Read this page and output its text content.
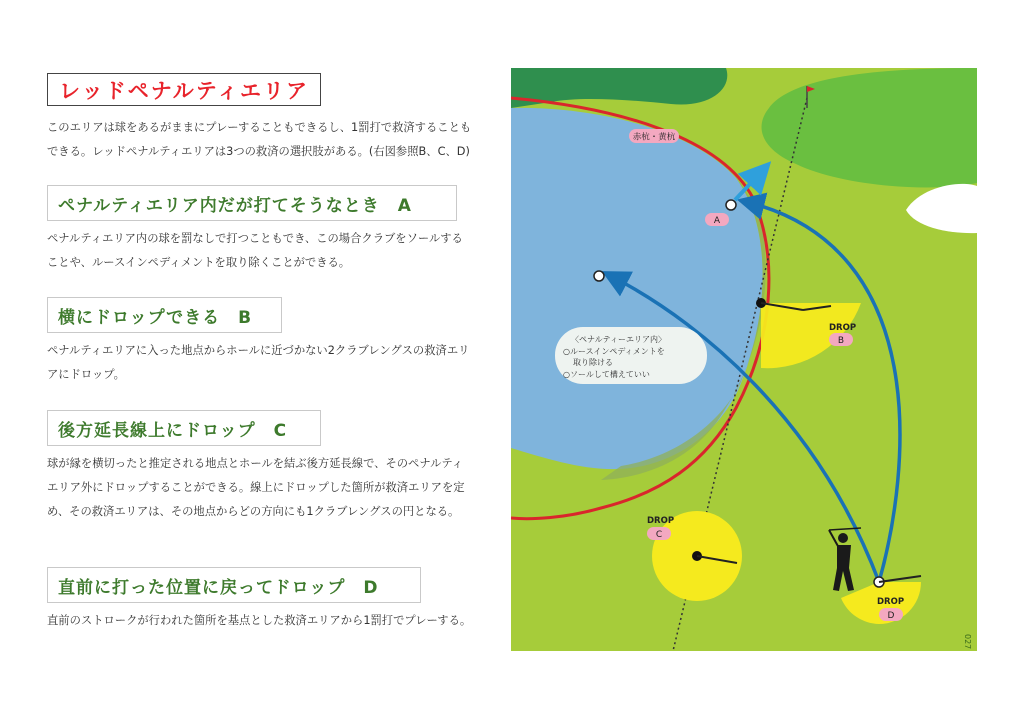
レッドペナルティエリア

このエリアは球をあるがままにプレーすることもできるし、1罰打で救済することもできる。レッドペナルティエリアは3つの救済の選択肢がある。(右図参照B、C、D)

ペナルティエリア内だが打てそうなとき　A

ペナルティエリア内の球を罰なしで打つこともでき、この場合クラブをソールすることや、ルースインペディメントを取り除くことができる。

横にドロップできる　B

ペナルティエリアに入った地点からホールに近づかない2クラブレングスの救済エリアにドロップ。

後方延長線上にドロップ　C

球が縁を横切ったと推定される地点とホールを結ぶ後方延長線で、そのペナルティエリア外にドロップすることができる。線上にドロップした箇所が救済エリアを定め、その救済エリアは、その地点からどの方向にも1クラブレングスの円となる。

直前に打った位置に戻ってドロップ　D

直前のストロークが行われた箇所を基点とした救済エリアから1罰打でプレーする。

赤杭・黄杭
A
DROP
B
DROP
C
DROP
D
〈ペナルティーエリア内〉
○ルースインペディメントを
取り除ける
○ソールして構えていい
027
